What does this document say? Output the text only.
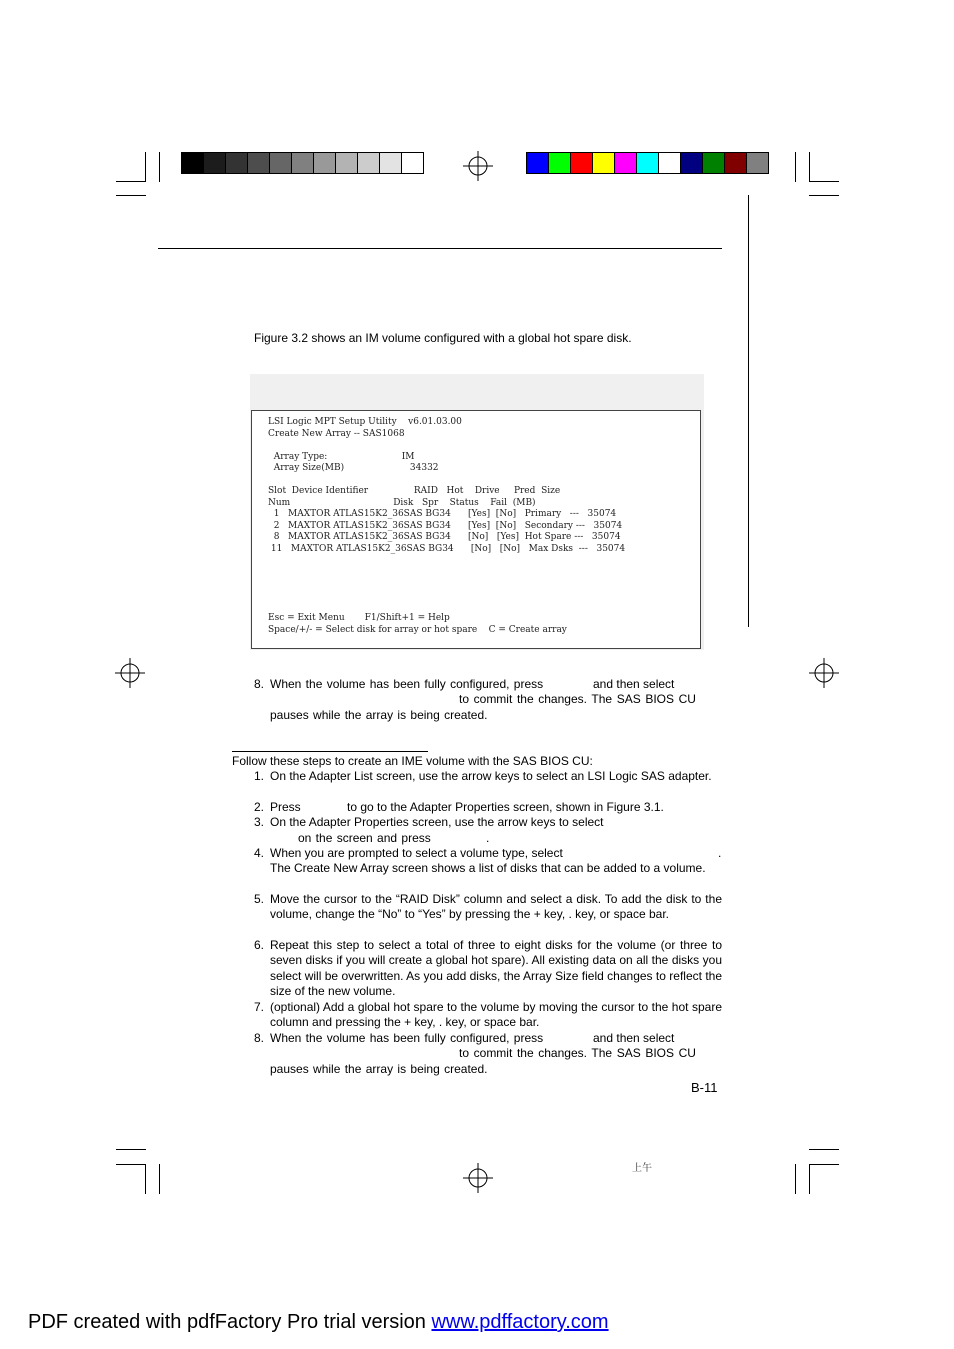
Figure 3.2 shows an IM volume configured with a global hot spare disk.
LSI Logic MPT Setup Utility    v6.01.03.00
Create New Array -- SAS1068
Array Type:                          IM
Array Size(MB)                       34332
Slot  Device Identifier                RAID   Hot    Drive     Pred  Size
Num                                    Disk   Spr    Status    Fail  (MB)
1   MAXTOR ATLAS15K2_36SAS BG34      [Yes]  [No]   Primary   ---   35074
2   MAXTOR ATLAS15K2_36SAS BG34      [Yes]  [No]   Secondary ---   35074
8   MAXTOR ATLAS15K2_36SAS BG34      [No]   [Yes]  Hot Spare ---   35074
11   MAXTOR ATLAS15K2_36SAS BG34      [No]   [No]   Max Dsks  ---   35074
Esc = Exit Menu       F1/Shift+1 = Help
Space/+/- = Select disk for array or hot spare    C = Create array
8. When the volume has been fully configured, press	and then select
to commit the changes. The SAS BIOS CU
pauses while the array is being created.
Follow these steps to create an IME volume with the SAS BIOS CU:
1. On the Adapter List screen, use the arrow keys to select an LSI Logic SAS adapter.
2. Press	to go to the Adapter Properties screen, shown in Figure 3.1.
3. On the Adapter Properties screen, use the arrow keys to select
on the screen and press	.
4. When you are prompted to select a volume type, select	.
The Create New Array screen shows a list of disks that can be added to a volume.
5. Move the cursor to the “RAID Disk” column and select a disk. To add the disk to the volume, change the “No” to “Yes” by pressing the + key, . key, or space bar.
6. Repeat this step to select a total of three to eight disks for the volume (or three to seven disks if you will create a global hot spare). All existing data on all the disks you select will be overwritten. As you add disks, the Array Size field changes to reflect the size of the new volume.
7. (optional) Add a global hot spare to the volume by moving the cursor to the hot spare column and pressing the + key, . key, or space bar.
8. When the volume has been fully configured, press	and then select
to commit the changes. The SAS BIOS CU
pauses while the array is being created.
B-11
上午
PDF created with pdfFactory Pro trial version www.pdffactory.com
